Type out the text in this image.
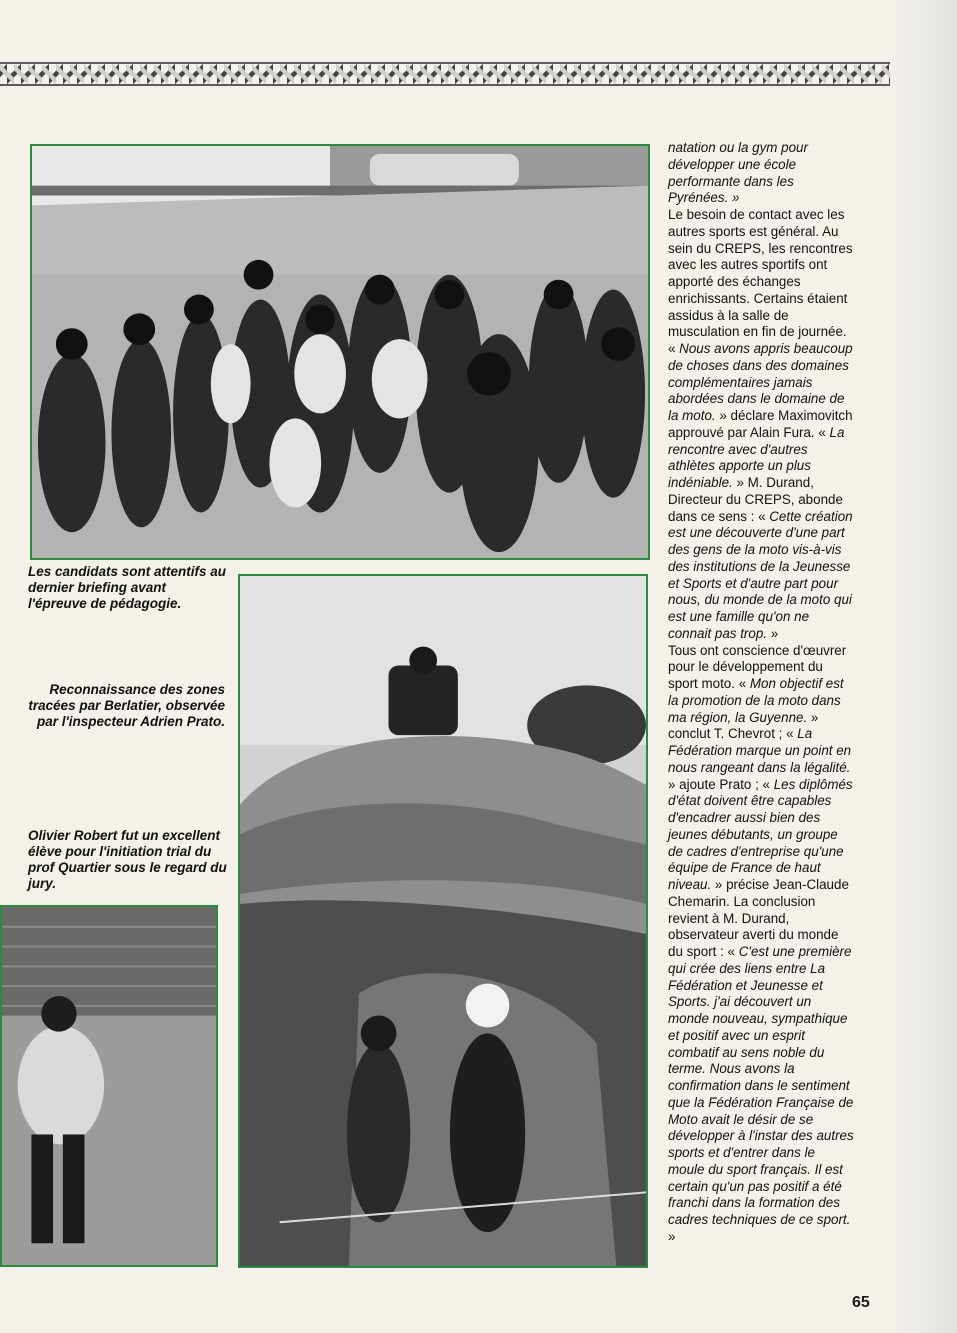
Les candidats sont attentifs au dernier briefing avant l'épreuve de pédagogie.

Reconnaissance des zones tracées par Berlatier, observée par l'inspecteur Adrien Prato.

Olivier Robert fut un excellent élève pour l'initiation trial du prof Quartier sous le regard du jury.

natation ou la gym pour développer une école performante dans les Pyrénées. »

Le besoin de contact avec les autres sports est général. Au sein du CREPS, les rencontres avec les autres sportifs ont apporté des échanges enrichissants. Certains étaient assidus à la salle de musculation en fin de journée. « Nous avons appris beaucoup de choses dans des domaines complémentaires jamais abordées dans le domaine de la moto. » déclare Maximovitch approuvé par Alain Fura. « La rencontre avec d'autres athlètes apporte un plus indéniable. » M. Durand, Directeur du CREPS, abonde dans ce sens : « Cette création est une découverte d'une part des gens de la moto vis-à-vis des institutions de la Jeunesse et Sports et d'autre part pour nous, du monde de la moto qui est une famille qu'on ne connait pas trop. »

Tous ont conscience d'œuvrer pour le développement du sport moto. « Mon objectif est la promotion de la moto dans ma région, la Guyenne. » conclut T. Chevrot ; « La Fédération marque un point en nous rangeant dans la légalité. » ajoute Prato ; « Les diplômés d'état doivent être capables d'encadrer aussi bien des jeunes débutants, un groupe de cadres d'entreprise qu'une équipe de France de haut niveau. » précise Jean-Claude Chemarin. La conclusion revient à M. Durand, observateur averti du monde du sport : « C'est une première qui crée des liens entre La Fédération et Jeunesse et Sports. j'ai découvert un monde nouveau, sympathique et positif avec un esprit combatif au sens noble du terme. Nous avons la confirmation dans le sentiment que la Fédération Française de Moto avait le désir de se développer à l'instar des autres sports et d'entrer dans le moule du sport français. Il est certain qu'un pas positif a été franchi dans la formation des cadres techniques de ce sport. »

65
